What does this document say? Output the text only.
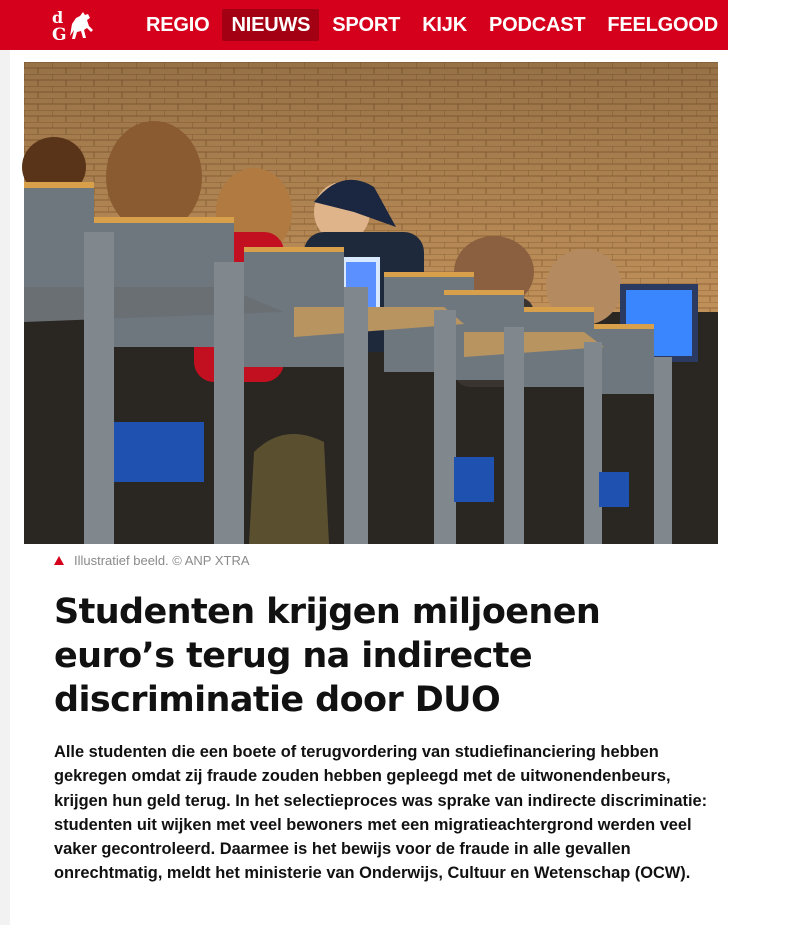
d
G	REGIO	NIEUWS	SPORT	KIJK	PODCAST	FEELGOOD	PUZZ
Illustratief beeld. © ANP XTRA
Studenten krijgen miljoenen euro’s terug na indirecte discriminatie door DUO

Alle studenten die een boete of terugvordering van studiefinanciering hebben gekregen omdat zij fraude zouden hebben gepleegd met de uitwonendenbeurs, krijgen hun geld terug. In het selectieproces was sprake van indirecte discriminatie: studenten uit wijken met veel bewoners met een migratieachtergrond werden veel vaker gecontroleerd. Daarmee is het bewijs voor de fraude in alle gevallen onrechtmatig, meldt het ministerie van Onderwijs, Cultuur en Wetenschap (OCW).
